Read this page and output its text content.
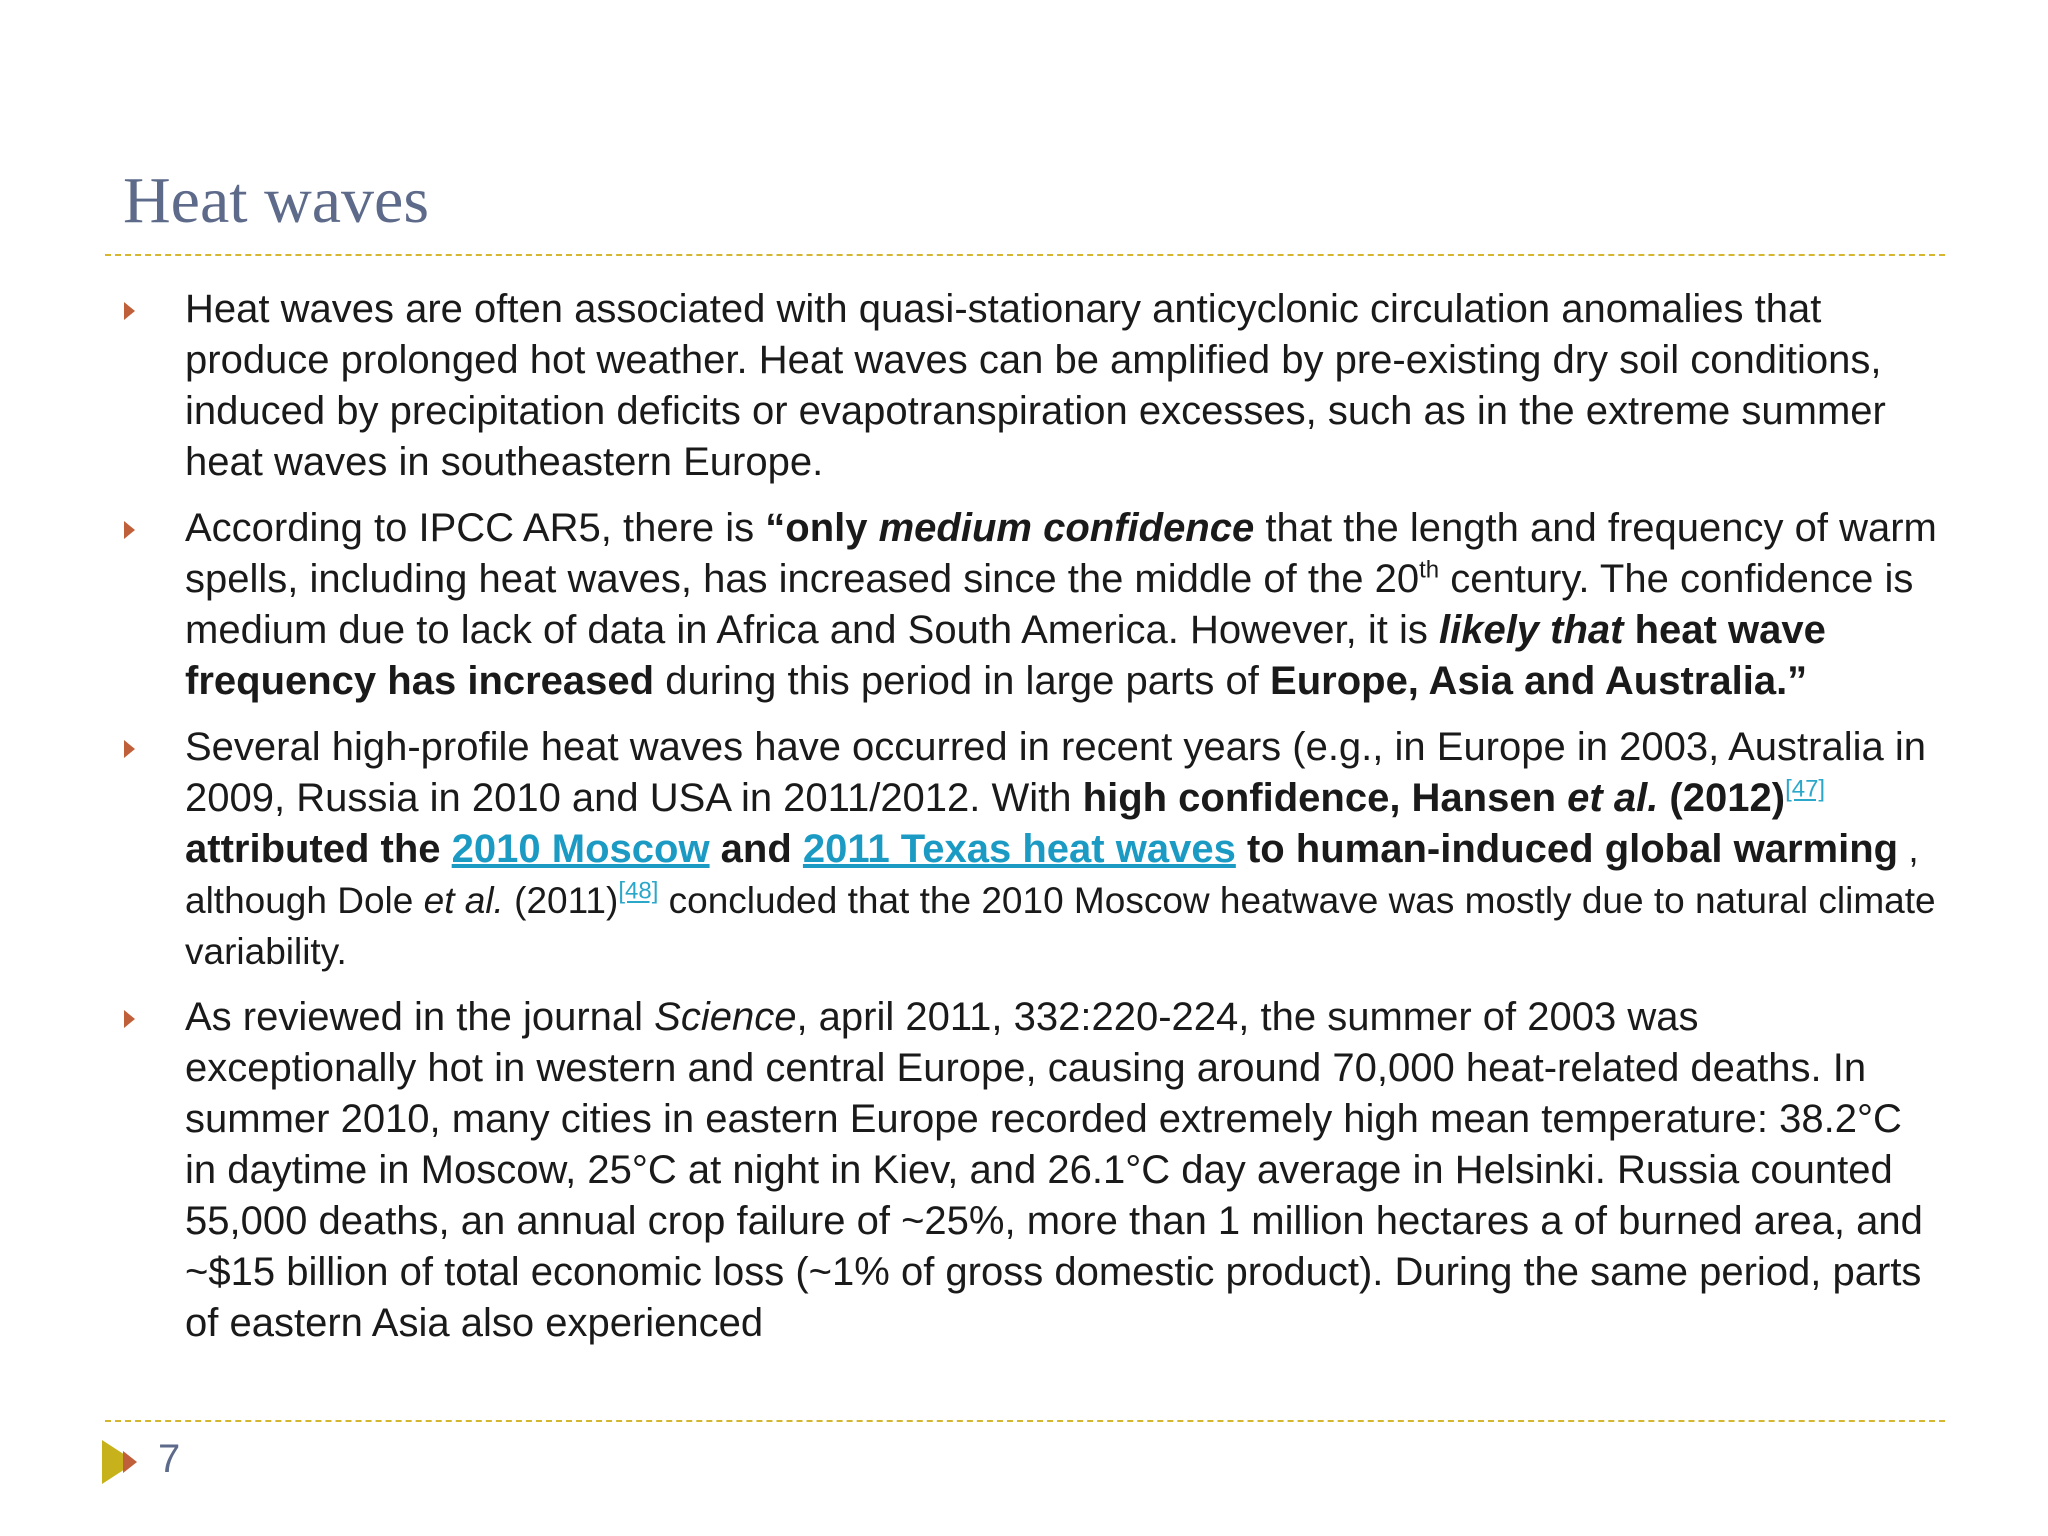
Heat waves
Heat waves are often associated with quasi-stationary anticyclonic circulation anomalies that produce prolonged hot weather. Heat waves can be amplified by pre-existing dry soil conditions, induced by precipitation deficits or evapotranspiration excesses, such as in the extreme summer heat waves in southeastern Europe.
According to IPCC AR5, there is “only medium confidence that the length and frequency of warm spells, including heat waves, has increased since the middle of the 20th century. The confidence is medium due to lack of data in Africa and South America. However, it is likely that heat wave frequency has increased during this period in large parts of Europe, Asia and Australia.”
Several high-profile heat waves have occurred in recent years (e.g., in Europe in 2003, Australia in 2009, Russia in 2010 and USA in 2011/2012. With high confidence, Hansen et al. (2012)[47] attributed the 2010 Moscow and 2011 Texas heat waves to human-induced global warming , although Dole et al. (2011)[48] concluded that the 2010 Moscow heatwave was mostly due to natural climate variability.
As reviewed in the journal Science, april 2011, 332:220-224, the summer of 2003 was exceptionally hot in western and central Europe, causing around 70,000 heat-related deaths. In summer 2010, many cities in eastern Europe recorded extremely high mean temperature: 38.2°C in daytime in Moscow, 25°C at night in Kiev, and 26.1°C day average in Helsinki. Russia counted 55,000 deaths, an annual crop failure of ~25%, more than 1 million hectares a of burned area, and ~$15 billion of total economic loss (~1% of gross domestic product). During the same period, parts of eastern Asia also experienced
7
